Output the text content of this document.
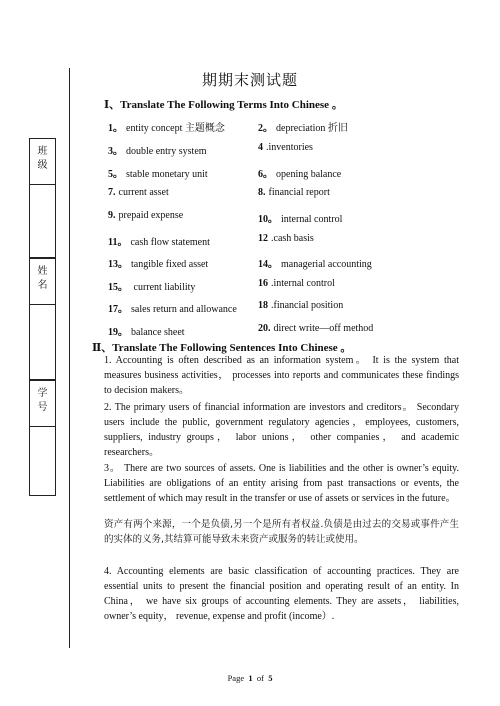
班
级
姓
名
学
号
期期末测试题
Ⅰ、Translate The Following Terms Into Chinese 。
1。 entity concept 主题概念	2。 depreciation 折旧
3。 double entry system	4 .inventories
5。 stable monetary unit	6。 opening balance
7. current asset	8. financial report
9. prepaid expense	10。 internal control
11。 cash flow statement	12 .cash basis
13。 tangible fixed asset	14。 managerial accounting
15。 current liability	16 .internal control
17。 sales return and allowance 18 .financial position
19。 balance sheet	20. direct write—off method
Ⅱ、Translate The Following Sentences Into Chinese 。
1. Accounting is often described as an information system。 It is the system that measures business activities， processes into reports and communicates these findings to decision makers。
2. The primary users of financial information are investors and creditors。 Secondary users include the public, government regulatory agencies，employees, customers, suppliers, industry groups， labor unions， other companies， and academic researchers。
3。 There are two sources of assets. One is liabilities and the other is owner’s equity. Liabilities are obligations of an entity arising from past transactions or events, the settlement of which may result in the transfer or use of assets or services in the future。
资产有两个来源，一个是负债,另一个是所有者权益.负债是由过去的交易或事件产生的实体的义务,其结算可能导致未来资产或服务的转让或使用。
4. Accounting elements are basic classification of accounting practices. They are essential units to present the financial position and operating result of an entity. In China， we have six groups of accounting elements. They are assets， liabilities, owner’s equity， revenue, expense and profit (income）.
Page 1 of 5
